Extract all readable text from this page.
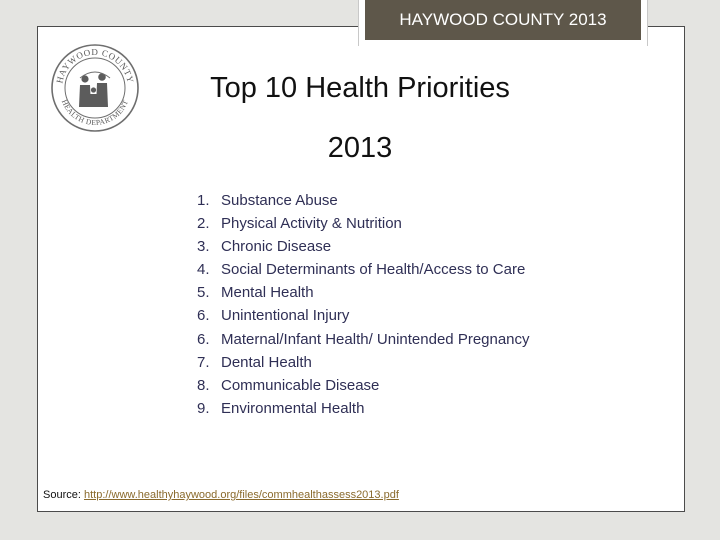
HAYWOOD COUNTY 2013
HAYWOOD COUNTY
HEALTH DEPARTMENT	Top 10 Health Priorities
2013
1. Substance Abuse
2. Physical Activity & Nutrition
3. Chronic Disease
4. Social Determinants of Health/Access to Care
5. Mental Health
6. Unintentional Injury
6. Maternal/Infant Health/ Unintended Pregnancy
7. Dental Health
8. Communicable Disease
9. Environmental Health
Source: http://www.healthyhaywood.org/files/commhealthassess2013.pdf
